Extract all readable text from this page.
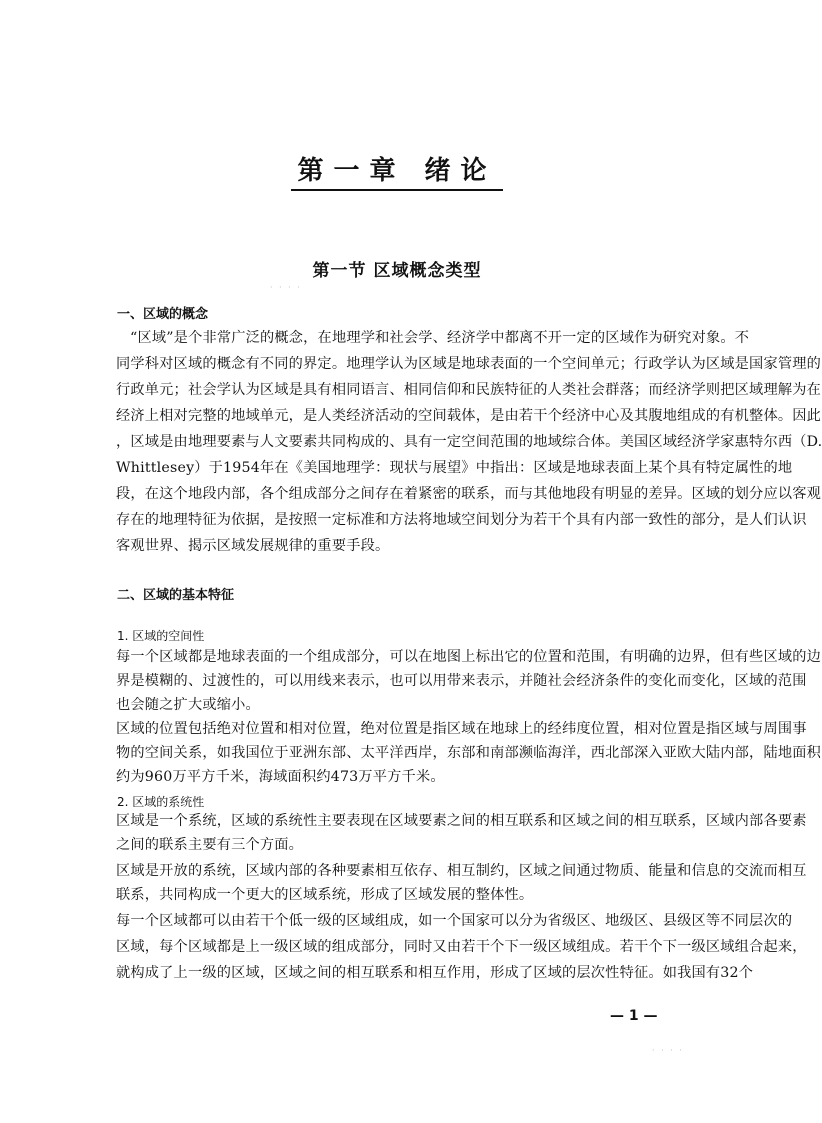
第一章 绪论
· · · ·
第一节 区域概念类型
一、区域的概念
“区域”是个非常广泛的概念，在地理学和社会学、经济学中都离不开一定的区域作为研究对象。不
同学科对区域的概念有不同的界定。地理学认为区域是地球表面的一个空间单元；行政学认为区域是国家管理的
行政单元；社会学认为区域是具有相同语言、相同信仰和民族特征的人类社会群落；而经济学则把区域理解为在
经济上相对完整的地域单元，是人类经济活动的空间载体，是由若干个经济中心及其腹地组成的有机整体。因此
，区域是由地理要素与人文要素共同构成的、具有一定空间范围的地域综合体。美国区域经济学家惠特尔西（D.
Whittlesey）于1954年在《美国地理学：现状与展望》中指出：区域是地球表面上某个具有特定属性的地
段，在这个地段内部，各个组成部分之间存在着紧密的联系，而与其他地段有明显的差异。区域的划分应以客观
存在的地理特征为依据，是按照一定标准和方法将地域空间划分为若干个具有内部一致性的部分，是人们认识
客观世界、揭示区域发展规律的重要手段。
二、区域的基本特征
1. 区域的空间性
每一个区域都是地球表面的一个组成部分，可以在地图上标出它的位置和范围，有明确的边界，但有些区域的边
界是模糊的、过渡性的，可以用线来表示，也可以用带来表示，并随社会经济条件的变化而变化，区域的范围
也会随之扩大或缩小。
区域的位置包括绝对位置和相对位置，绝对位置是指区域在地球上的经纬度位置，相对位置是指区域与周围事
物的空间关系，如我国位于亚洲东部、太平洋西岸，东部和南部濒临海洋，西北部深入亚欧大陆内部，陆地面积
约为960万平方千米，海域面积约473万平方千米。
2. 区域的系统性
区域是一个系统，区域的系统性主要表现在区域要素之间的相互联系和区域之间的相互联系，区域内部各要素
之间的联系主要有三个方面。
区域是开放的系统，区域内部的各种要素相互依存、相互制约，区域之间通过物质、能量和信息的交流而相互
联系，共同构成一个更大的区域系统，形成了区域发展的整体性。
每一个区域都可以由若干个低一级的区域组成，如一个国家可以分为省级区、地级区、县级区等不同层次的
区域，每个区域都是上一级区域的组成部分，同时又由若干个下一级区域组成。若干个下一级区域组合起来，
就构成了上一级的区域，区域之间的相互联系和相互作用，形成了区域的层次性特征。如我国有32个
— 1 —
· · · ·
